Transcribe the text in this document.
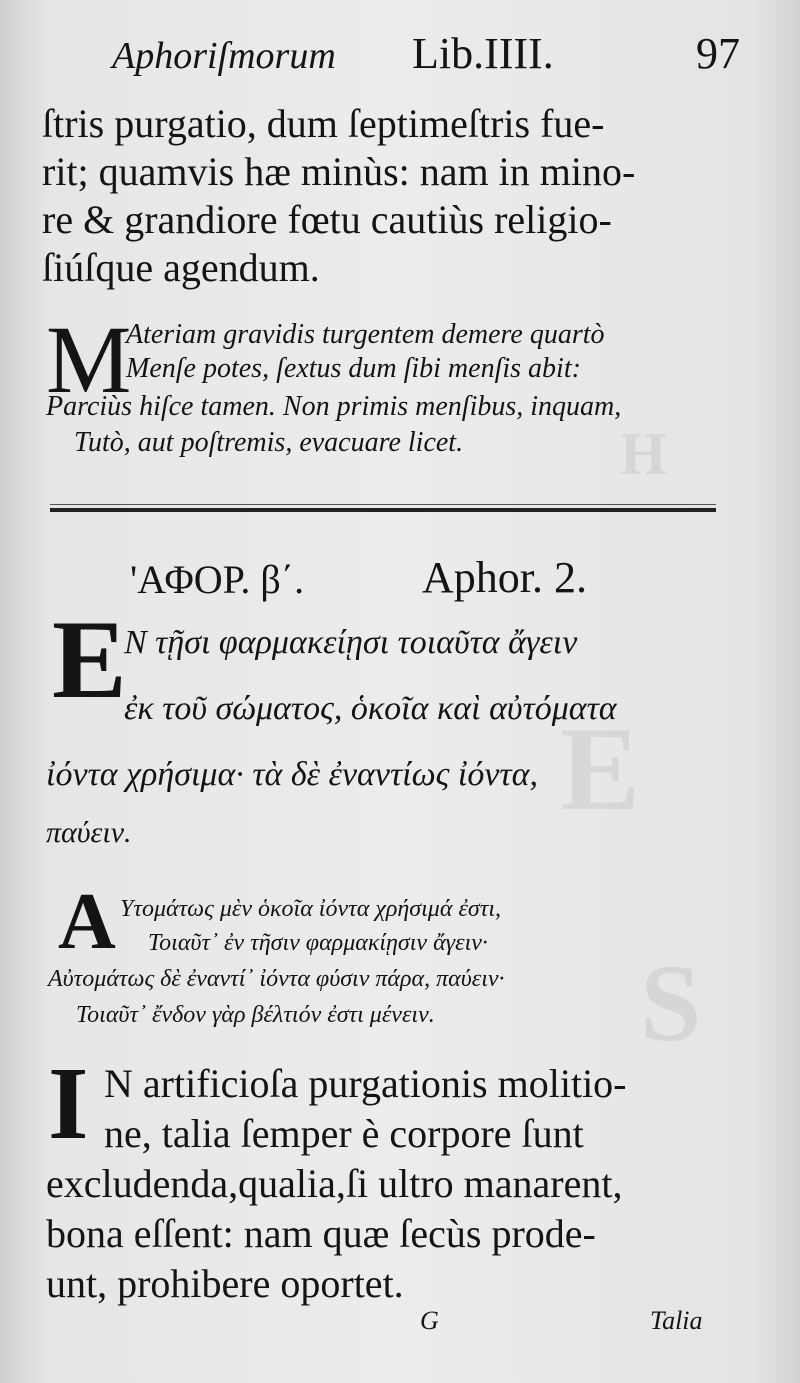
H
E
S
Aphoriſmorum Lib.IIII.	97
ſtris purgatio, dum ſeptimeſtris fue-
rit; quamvis hæ minùs: nam in mino-
re & grandiore fœtu cautiùs religio-
ſiúſque agendum.
M
Ateriam gravidis turgentem demere quartò
Menſe potes, ſextus dum ſibi menſis abit:
Parciùs hiſce tamen. Non primis menſibus, inquam,
Tutò, aut poſtremis, evacuare licet.
'ΑΦΟΡ. β΄.	Aphor. 2.
E
Ν τῇσι φαρμακείῃσι τοιαῦτα ἄγειν
ἐκ τοῦ σώματος, ὁκοῖα καὶ αὐτόματα
ἰόντα χρήσιμα· τὰ δὲ ἐναντίως ἰόντα,
παύειν.
A Υτομάτως μὲν ὁκοῖα ἰόντα χρήσιμά ἐστι,
Τοιαῦτ᾽ ἐν τῆσιν φαρμακίῃσιν ἄγειν·
Αὐτομάτως δὲ ἐναντί᾽ ἰόντα φύσιν πάρα, παύειν·
Τοιαῦτ᾽ ἔνδον γὰρ βέλτιόν ἐστι μένειν.
I N artificioſa purgationis molitio-
ne, talia ſemper è corpore ſunt
excludenda,qualia,ſi ultro manarent,
bona eſſent: nam quæ ſecùs prode-
unt, prohibere oportet.
G	Talia
